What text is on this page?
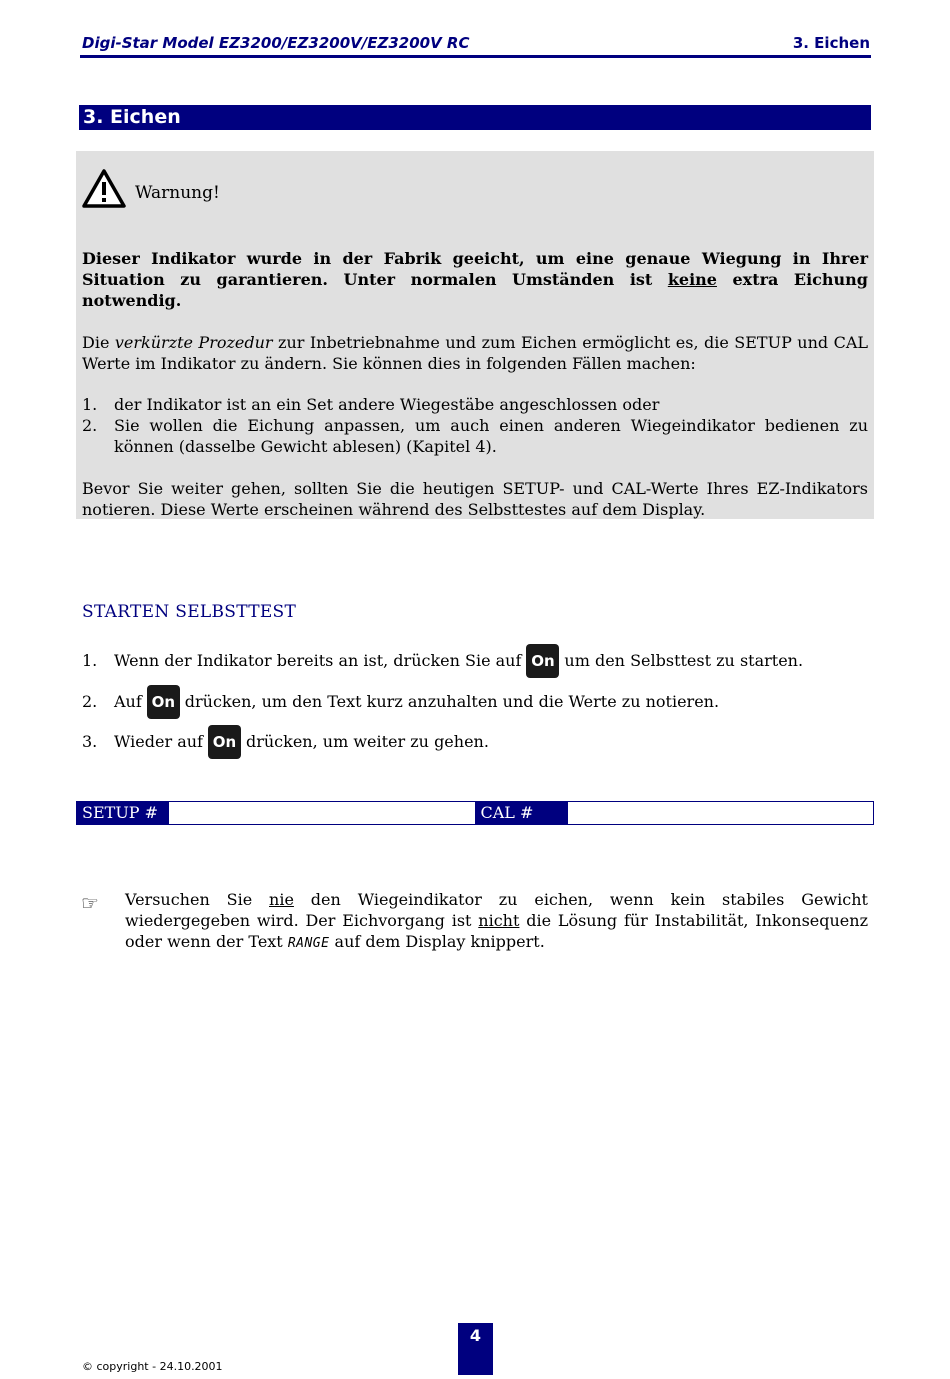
Digi-Star Model EZ3200/EZ3200V/EZ3200V RC	3. Eichen
3. Eichen
Warnung!
Dieser Indikator wurde in der Fabrik geeicht, um eine genaue Wiegung in Ihrer Situation zu garantieren. Unter normalen Umständen ist keine extra Eichung notwendig.
Die verkürzte Prozedur zur Inbetriebnahme und zum Eichen ermöglicht es, die SETUP und CAL Werte im Indikator zu ändern. Sie können dies in folgenden Fällen machen:
1. der Indikator ist an ein Set andere Wiegestäbe angeschlossen oder
2. Sie wollen die Eichung anpassen, um auch einen anderen Wiegeindikator bedienen zu können (dasselbe Gewicht ablesen) (Kapitel 4).
Bevor Sie weiter gehen, sollten Sie die heutigen SETUP- und CAL-Werte Ihres EZ-Indikators notieren. Diese Werte erscheinen während des Selbsttestes auf dem Display.
STARTEN SELBSTTEST
1.	Wenn der Indikator bereits an ist, drücken Sie auf On um den Selbsttest zu starten.
2.	Auf On drücken, um den Text kurz anzuhalten und die Werte zu notieren.
3.	Wieder auf On drücken, um weiter zu gehen.
SETUP #	CAL #
☞ Versuchen Sie nie den Wiegeindikator zu eichen, wenn kein stabiles Gewicht wiedergegeben wird. Der Eichvorgang ist nicht die Lösung für Instabilität, Inkonsequenz oder wenn der Text RANGE auf dem Display knippert.
4
© copyright - 24.10.2001
